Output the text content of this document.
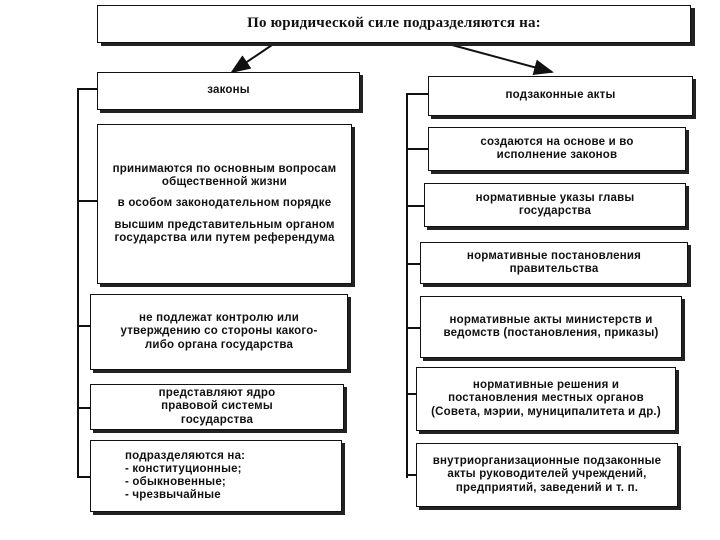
По юридической силе подразделяются на:
законы
принимаются по основным вопросам общественной жизни
в особом законодательном порядке
высшим представительным органом государства или путем референдума
не подлежат контролю или утверждению со стороны какого-либо органа государства
представляют ядро правовой системы государства
подразделяются на:
- конституционные;
- обыкновенные;
- чрезвычайные
подзаконные акты
создаются на основе и во исполнение законов
нормативные указы главы государства
нормативные постановления правительства
нормативные акты министерств и ведомств (постановления, приказы)
нормативные решения и постановления местных органов (Совета, мэрии, муниципалитета и др.)
внутриорганизационные подзаконные акты руководителей учреждений, предприятий, заведений и т. п.
